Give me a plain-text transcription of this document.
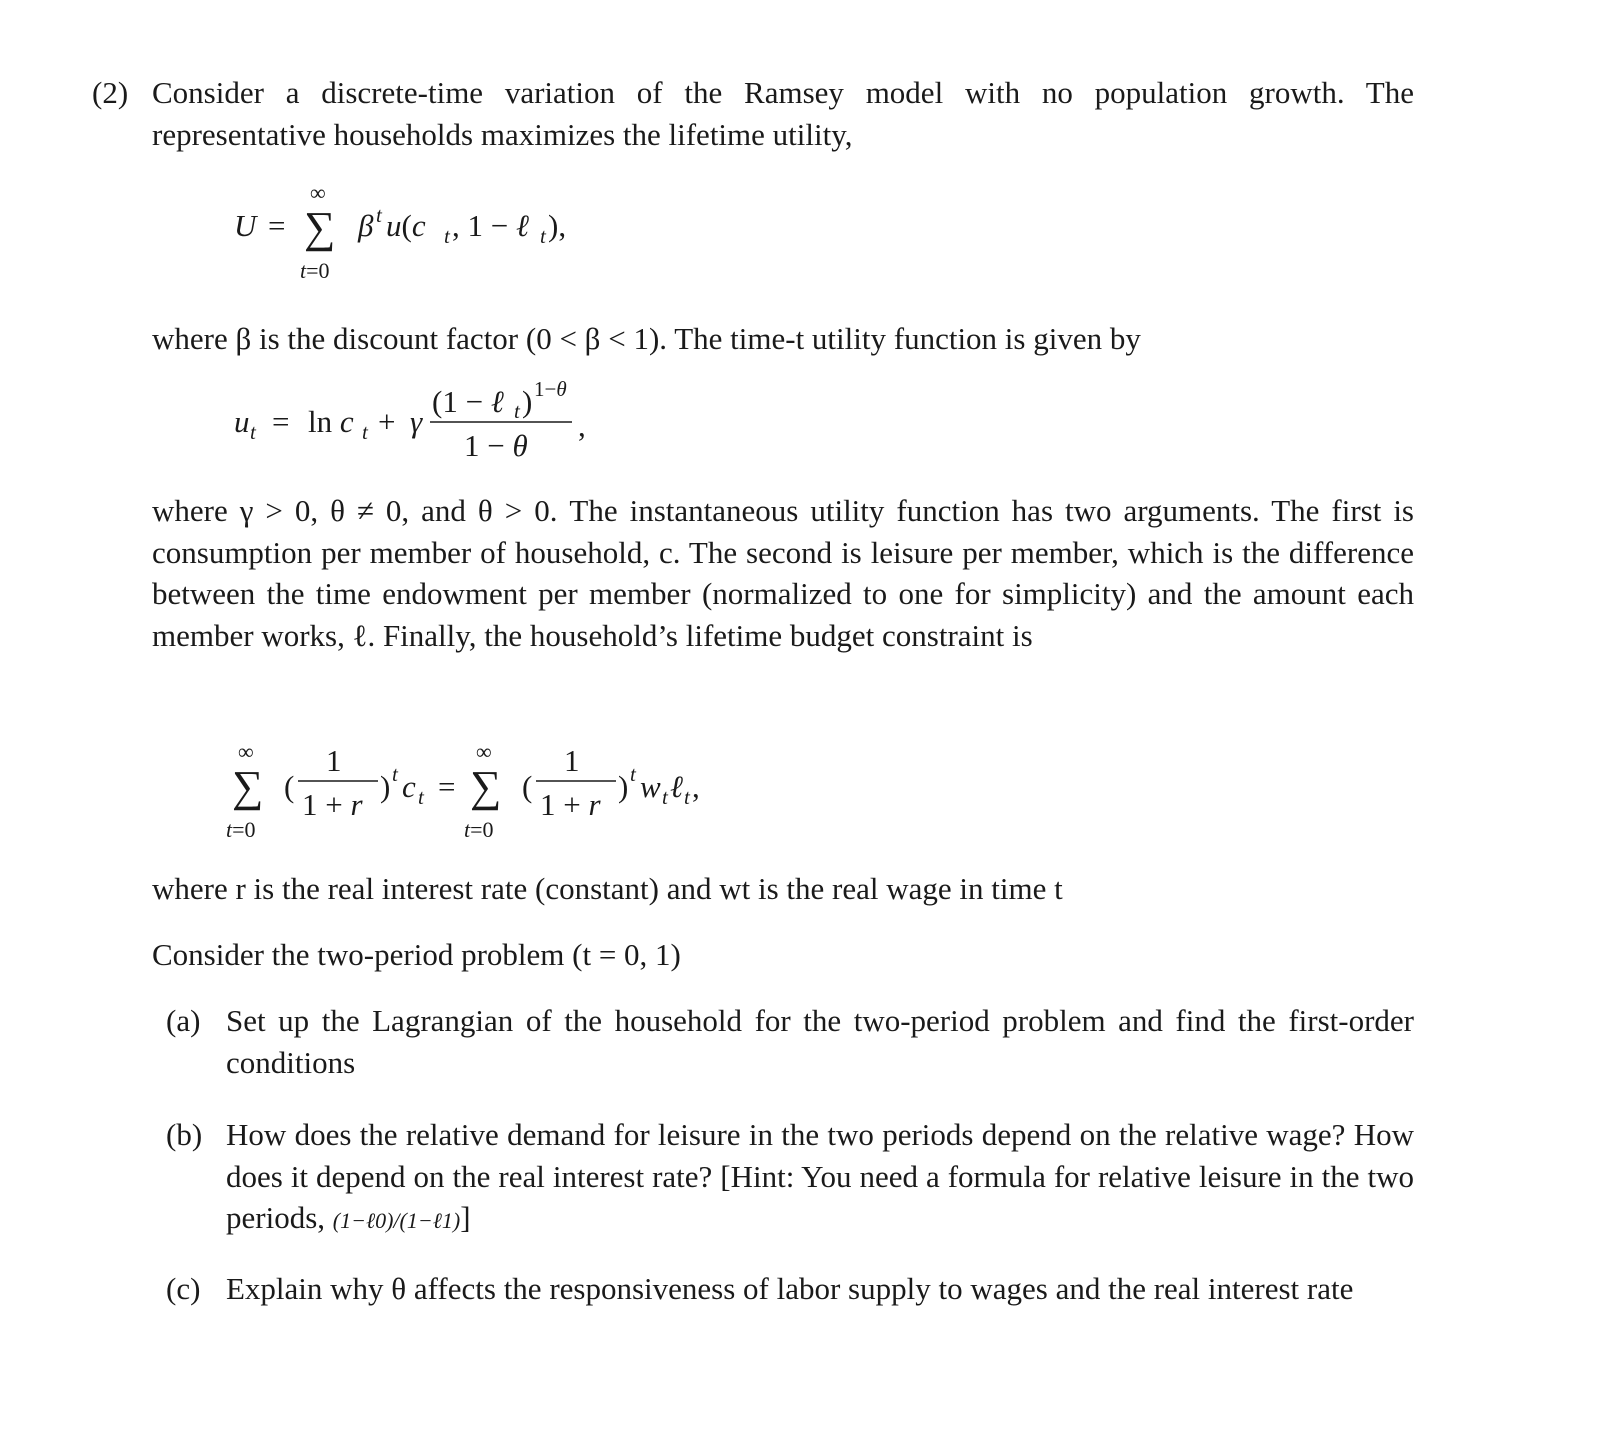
(2) Consider a discrete-time variation of the Ramsey model with no population growth. The representative households maximizes the lifetime utility,
U = ∑
∞
t=0
β t u(c t , 1 − ℓ t ),
where β is the discount factor (0 < β < 1). The time-t utility function is given by
u t = ln c t + γ
(1 − ℓ t ) 1−θ
1 − θ
,
where γ > 0, θ ≠ 0, and θ > 0. The instantaneous utility function has two arguments. The first is consumption per member of household, c. The second is leisure per member, which is the difference between the time endowment per member (normalized to one for simplicity) and the amount each member works, ℓ. Finally, the household’s lifetime budget constraint is
∑
∞
t=0
(
1
1 + r
) t c t = ∑
∞
t=0
(
1
1 + r
) t w t ℓ t ,
where r is the real interest rate (constant) and wt is the real wage in time t
Consider the two-period problem (t = 0, 1)
(a) Set up the Lagrangian of the household for the two-period problem and find the first-order conditions
(b) How does the relative demand for leisure in the two periods depend on the relative wage? How does it depend on the real interest rate? [Hint: You need a formula for relative leisure in the two periods, (1−ℓ0)/(1−ℓ1)]
(c) Explain why θ affects the responsiveness of labor supply to wages and the real interest rate
